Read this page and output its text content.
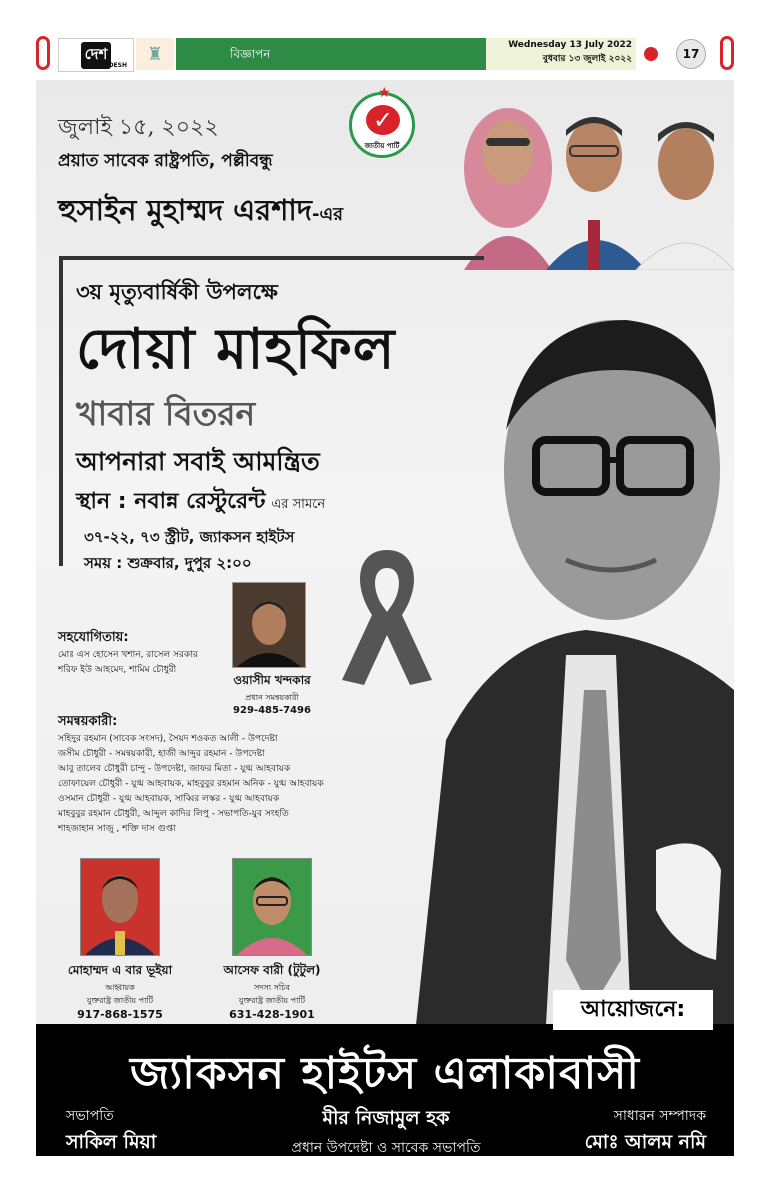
দেশ
DESH
♜	বিজ্ঞাপন
Wednesday 13 July 2022
বুধবার ১৩ জুলাই ২০২২	17
জুলাই ১৫, ২০২২
প্রয়াত সাবেক রাষ্ট্রপতি, পল্লীবন্ধু
হুসাইন মুহাম্মদ এরশাদ-এর
★
✓
জাতীয় পার্টি
৩য় মৃত্যুবার্ষিকী উপলক্ষে
দোয়া মাহফিল
খাবার বিতরন
আপনারা সবাই আমন্ত্রিত
স্থান : নবান্ন রেস্টুরেন্ট এর সামনে
৩৭-২২, ৭৩ স্ট্রীট, জ্যাকসন হাইটস
সময় : শুক্রবার, দুপুর ২:০০
সহযোগিতায়:
মোঃ এস হোসেন খশান, রাসেল সরকার
শরিফ ইউ আহমেদ, শামিম চৌধুরী
ওয়াসীম খন্দকার
প্রধান সমন্বয়কারী
929-485-7496
সমন্বয়কারী:
সহিদুর রহমান (সাবেক সংসদ), সৈয়দ শওকত আলী - উপদেষ্টা
জসীম চৌধুরী - সমন্বয়কারী, হাজী আব্দুর রহমান - উপদেষ্টা
আবু তালেব চৌধুরী চান্দু - উপদেষ্টা, জাফর মিতা - যুগ্ম আহবায়ক
তোফায়েল চৌধুরী - যুগ্ম আহবায়ক, মাহবুবুর রহমান অনিক - যুগ্ম আহবায়ক
ওসমান চৌধুরী - যুগ্ম আহবায়ক, সাব্বির লস্কর - যুগ্ম আহবায়ক
মাহবুবুর রহমান চৌধুরী, আব্দুল কাদির লিপু - সভাপতি-যুব সংহতি
শাহজাহান সাজু , শক্তি দাস গুপ্তা
মোহাম্মদ এ বার ভূইয়া
আহ্বায়ক
যুক্তরাষ্ট্র জাতীয় পার্টি
917-868-1575
আসেফ বারী (টুটুল)
সদস্য সচিব
যুক্তরাষ্ট্র জাতীয় পার্টি
631-428-1901
জ্যাকসন হাইটস এলাকাবাসী
সভাপতি
সাকিল মিয়া
মীর নিজামুল হক
প্রধান উপদেষ্টা ও সাবেক সভাপতি
সাধারন সম্পাদক
মোঃ আলম নমি
আয়োজনে:
